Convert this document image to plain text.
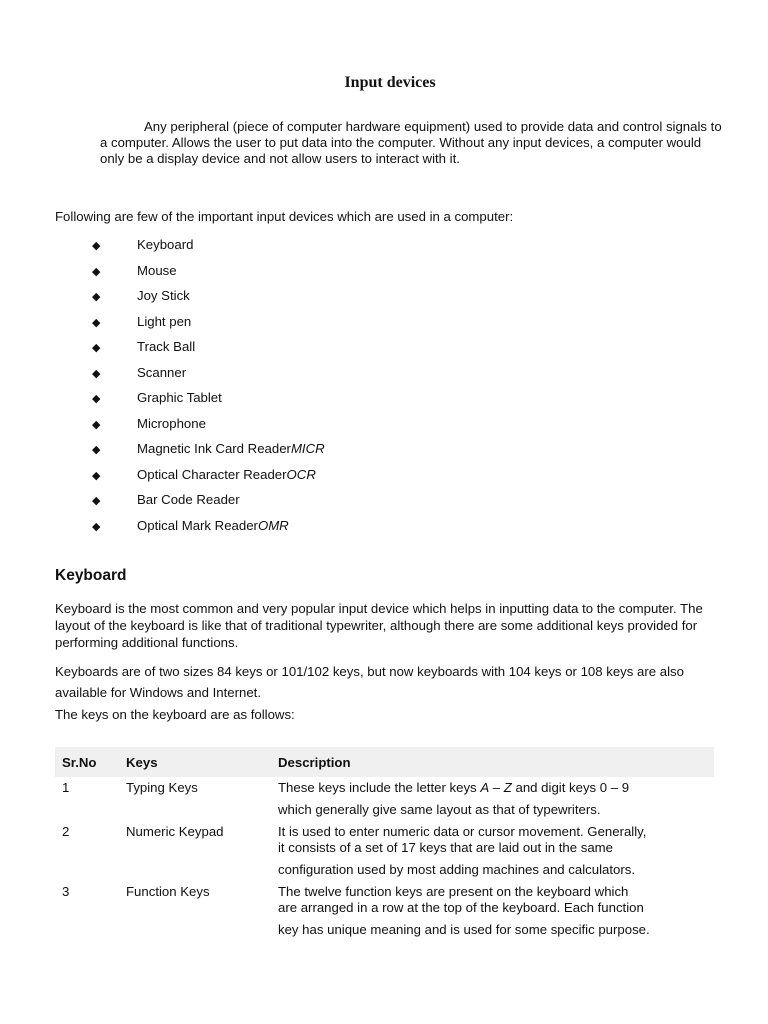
Input devices
Any peripheral (piece of computer hardware equipment) used to provide data and control signals to a computer. Allows the user to put data into the computer. Without any input devices, a computer would only be a display device and not allow users to interact with it.
Following are few of the important input devices which are used in a computer:
◆	Keyboard
◆	Mouse
◆	Joy Stick
◆	Light pen
◆	Track Ball
◆	Scanner
◆	Graphic Tablet
◆	Microphone
◆	Magnetic Ink Card ReaderMICR
◆	Optical Character ReaderOCR
◆	Bar Code Reader
◆	Optical Mark ReaderOMR
Keyboard
Keyboard is the most common and very popular input device which helps in inputting data to the computer. The layout of the keyboard is like that of traditional typewriter, although there are some additional keys provided for performing additional functions.
Keyboards are of two sizes 84 keys or 101/102 keys, but now keyboards with 104 keys or 108 keys are also available for Windows and Internet.
The keys on the keyboard are as follows:
Sr.No Keys	Description
1	Typing Keys	These keys include the letter keys A – Z and digit keys 0 – 9
which generally give same layout as that of typewriters.
2	Numeric Keypad	It is used to enter numeric data or cursor movement. Generally,
it consists of a set of 17 keys that are laid out in the same
configuration used by most adding machines and calculators.
3	Function Keys	The twelve function keys are present on the keyboard which
are arranged in a row at the top of the keyboard. Each function
key has unique meaning and is used for some specific purpose.
